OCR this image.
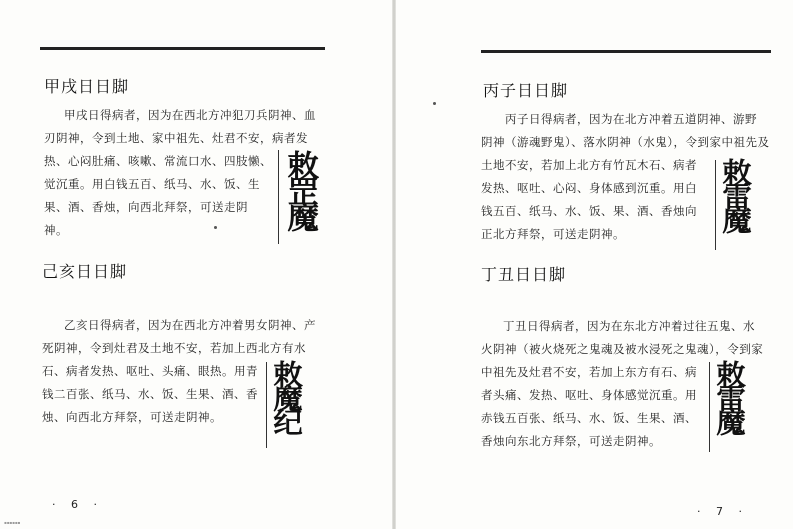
甲戌日日脚
甲戌日得病者，因为在西北方冲犯刀兵阴神、血
刃阴神，令到土地、家中祖先、灶君不安，病者发
热、心闷肚痛、咳嗽、常流口水、四肢懒、
觉沉重。用白钱五百、纸马、水、饭、生
果、酒、香烛，向西北拜祭，可送走阴
神。
敕罡魔
己亥日日脚
乙亥日得病者，因为在西北方冲着男女阴神、产
死阴神，令到灶君及土地不安，若加上西北方有水
石、病者发热、呕吐、头痛、眼热。用青
钱二百张、纸马、水、饭、生果、酒、香
烛、向西北方拜祭，可送走阴神。	敕魔纪
· 6 ·
▪▪▪▪▪▪
丙子日日脚
丙子日得病者，因为在北方冲着五道阴神、游野
阴神（游魂野鬼）、落水阴神（水鬼），令到家中祖先及
土地不安，若加上北方有竹瓦木石、病者
发热、呕吐、心闷、身体感到沉重。用白
钱五百、纸马、水、饭、果、酒、香烛向
正北方拜祭，可送走阴神。
敕雷魔
丁丑日日脚
丁丑日得病者，因为在东北方冲着过往五鬼、水
火阴神（被火烧死之鬼魂及被水浸死之鬼魂），令到家
中祖先及灶君不安，若加上东方有石、病
者头痛、发热、呕吐、身体感觉沉重。用
赤钱五百张、纸马、水、饭、生果、酒、
香烛向东北方拜祭，可送走阴神。
敕雷魔
· 7 ·
